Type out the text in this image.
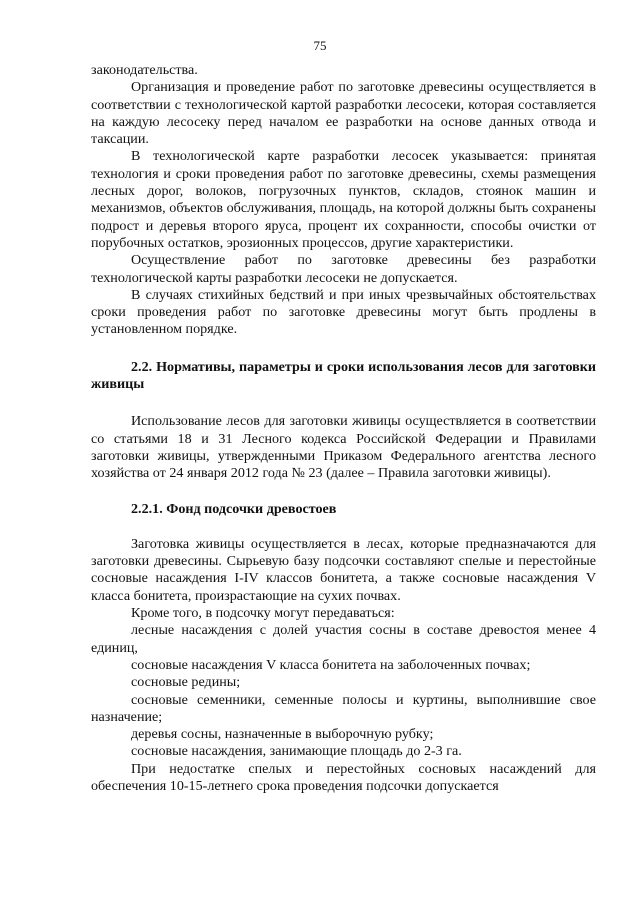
75

законодательства.

Организация и проведение работ по заготовке древесины осуществляется в соответствии с технологической картой разработки лесосеки, которая составляется на каждую лесосеку перед началом ее разработки на основе данных отвода и таксации.

В технологической карте разработки лесосек указывается: принятая технология и сроки проведения работ по заготовке древесины, схемы размещения лесных дорог, волоков, погрузочных пунктов, складов, стоянок машин и механизмов, объектов обслуживания, площадь, на которой должны быть сохранены подрост и деревья второго яруса, процент их сохранности, способы очистки от порубочных остатков, эрозионных процессов, другие характеристики.

Осуществление работ по заготовке древесины без разработки технологической карты разработки лесосеки не допускается.

В случаях стихийных бедствий и при иных чрезвычайных обстоятельствах сроки проведения работ по заготовке древесины могут быть продлены в установленном порядке.

2.2. Нормативы, параметры и сроки использования лесов для заготовки живицы

Использование лесов для заготовки живицы осуществляется в соответствии со статьями 18 и 31 Лесного кодекса Российской Федерации и Правилами заготовки живицы, утвержденными Приказом Федерального агентства лесного хозяйства от 24 января 2012 года № 23 (далее – Правила заготовки живицы).

2.2.1. Фонд подсочки древостоев

Заготовка живицы осуществляется в лесах, которые предназначаются для заготовки древесины. Сырьевую базу подсочки составляют спелые и перестойные сосновые насаждения I-IV классов бонитета, а также сосновые насаждения V класса бонитета, произрастающие на сухих почвах.

Кроме того, в подсочку могут передаваться:

лесные насаждения с долей участия сосны в составе древостоя менее 4 единиц,

сосновые насаждения V класса бонитета на заболоченных почвах;

сосновые редины;

сосновые семенники, семенные полосы и куртины, выполнившие свое назначение;

деревья сосны, назначенные в выборочную рубку;

сосновые насаждения, занимающие площадь до 2-3 га.

При недостатке спелых и перестойных сосновых насаждений для обеспечения 10-15-летнего срока проведения подсочки допускается
